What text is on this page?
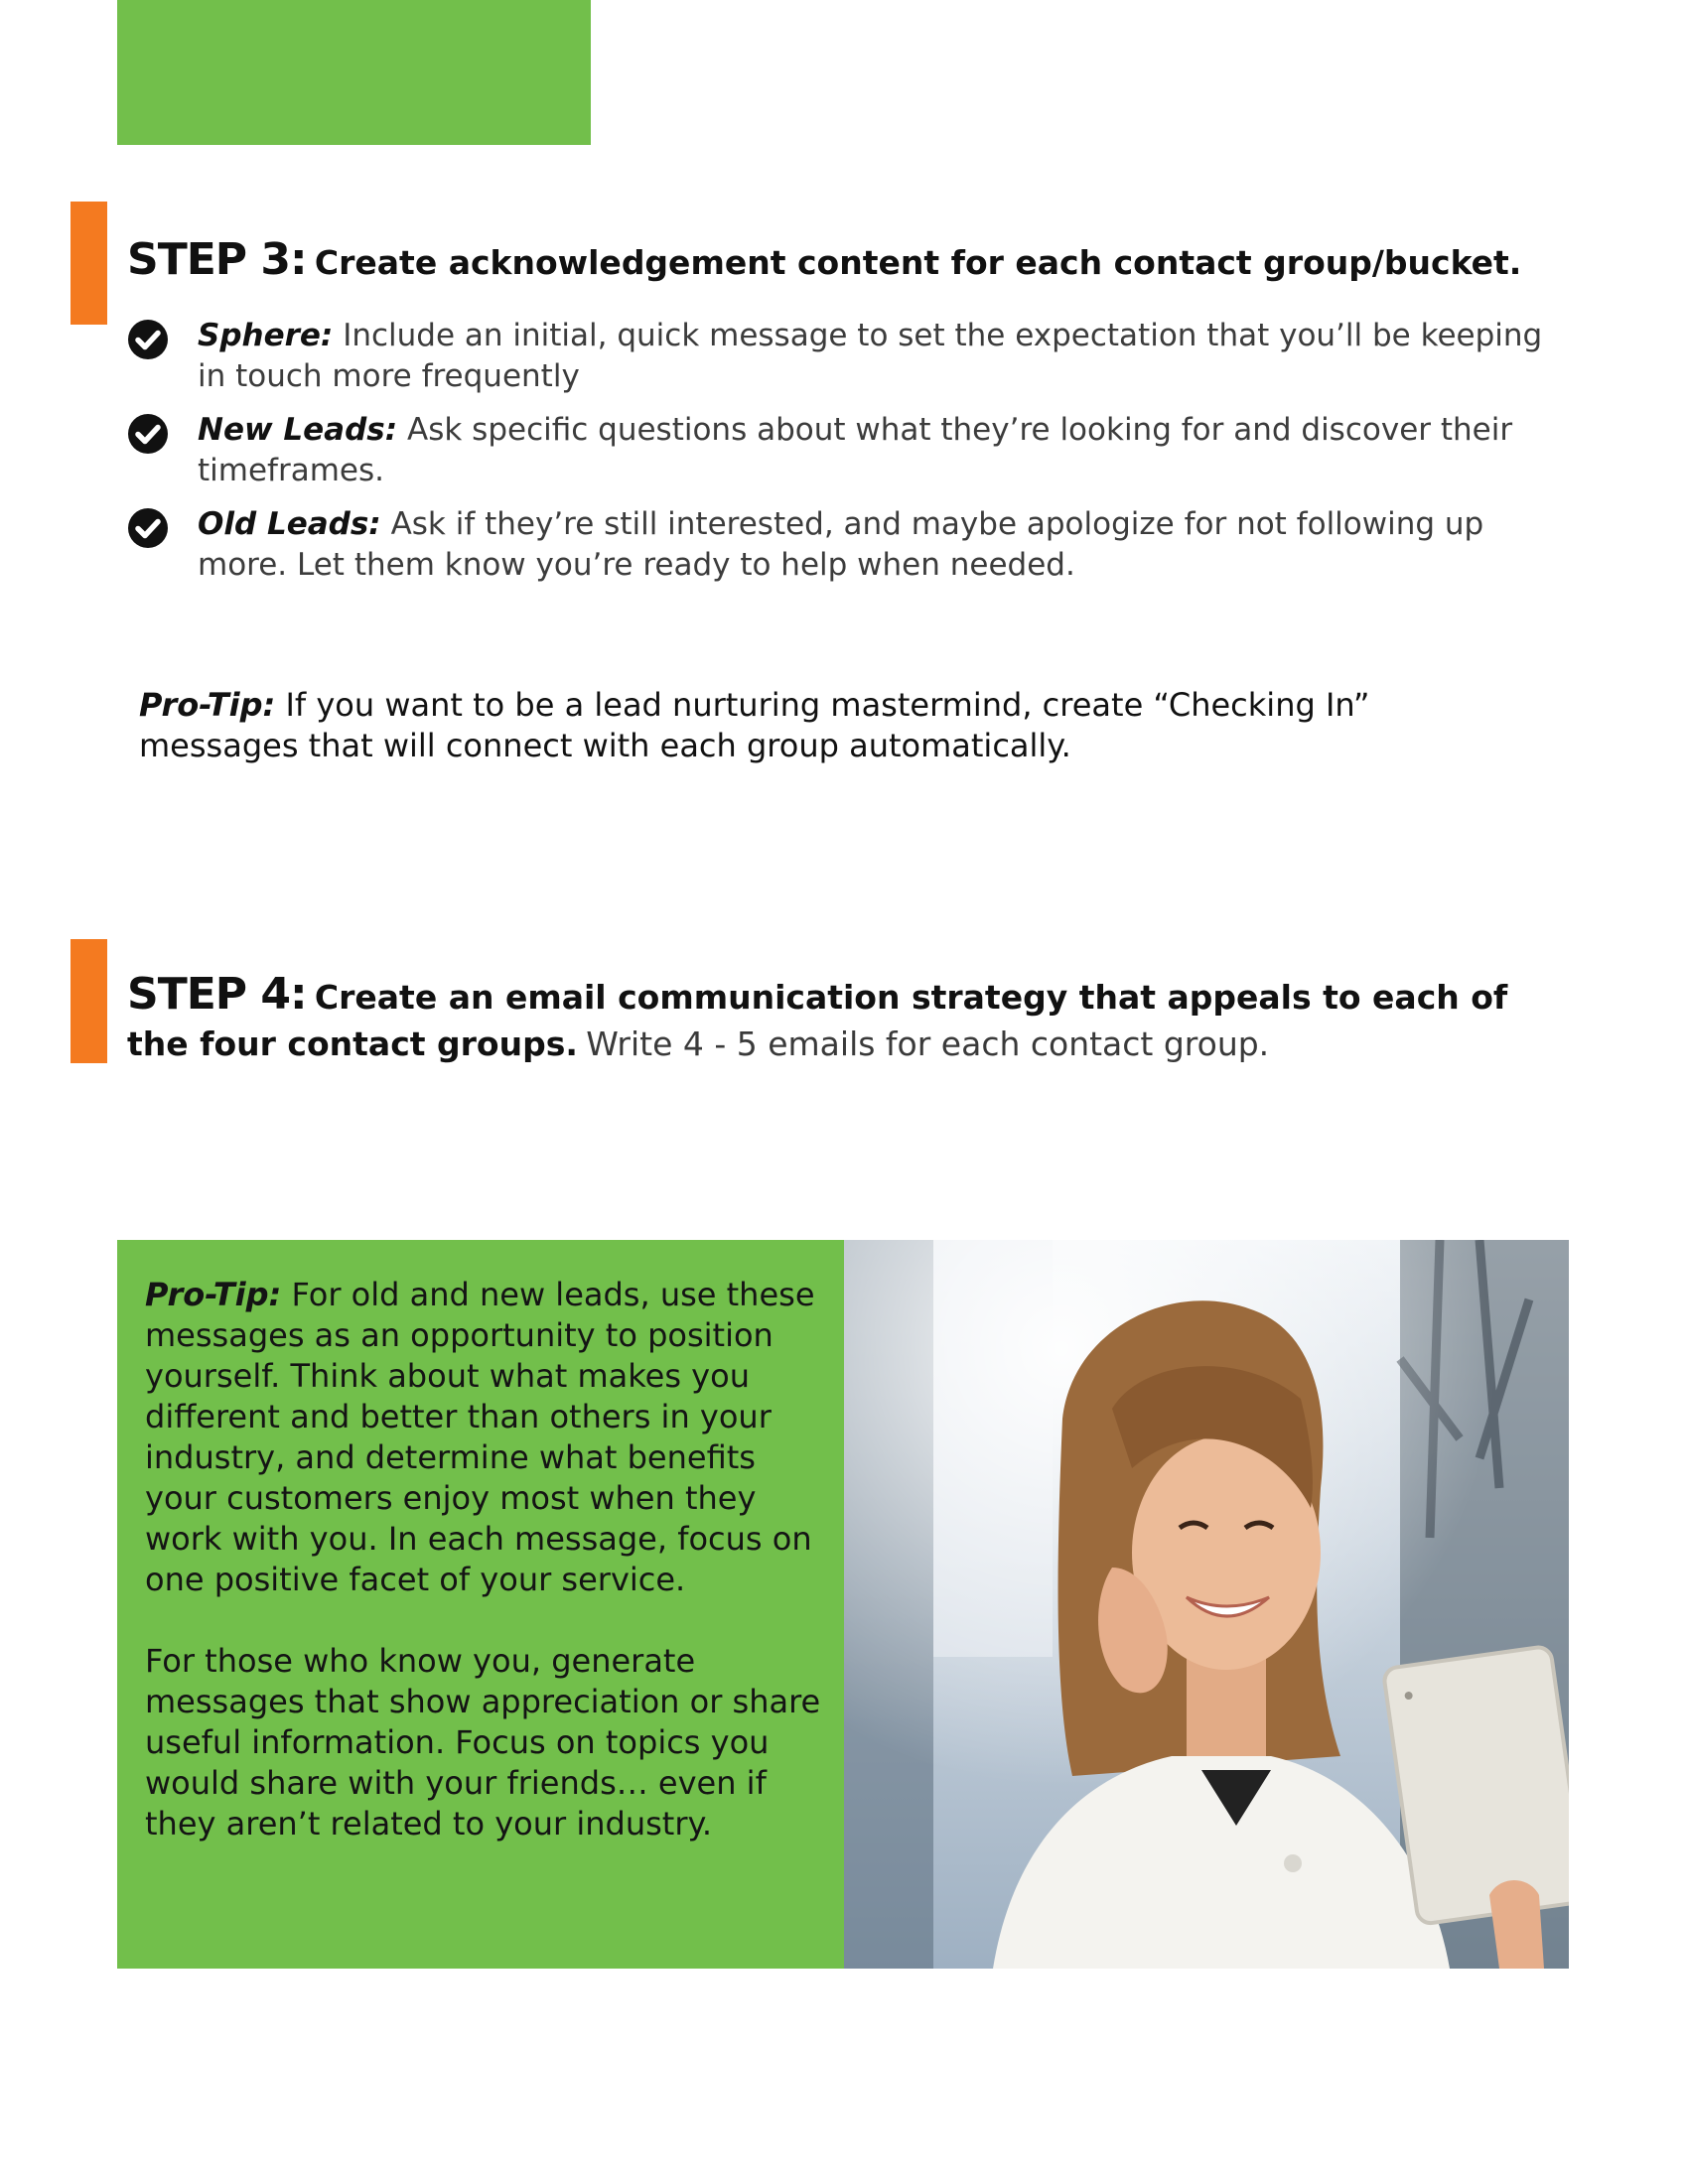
STEP 3: Create acknowledgement content for each contact group/bucket.
Sphere: Include an initial, quick message to set the expectation that you’ll be keeping in touch more frequently
New Leads: Ask specific questions about what they’re looking for and discover their timeframes.
Old Leads: Ask if they’re still interested, and maybe apologize for not following up more. Let them know you’re ready to help when needed.

Pro-Tip: If you want to be a lead nurturing mastermind, create “Checking In” messages that will connect with each group automatically.

STEP 4: Create an email communication strategy that appeals to each of the four contact groups. Write 4 - 5 emails for each contact group.

Pro-Tip: For old and new leads, use these messages as an opportunity to position yourself. Think about what makes you different and better than others in your industry, and determine what benefits your customers enjoy most when they work with you. In each message, focus on one positive facet of your service.

For those who know you, generate messages that show appreciation or share useful information. Focus on topics you would share with your friends… even if they aren’t related to your industry.
